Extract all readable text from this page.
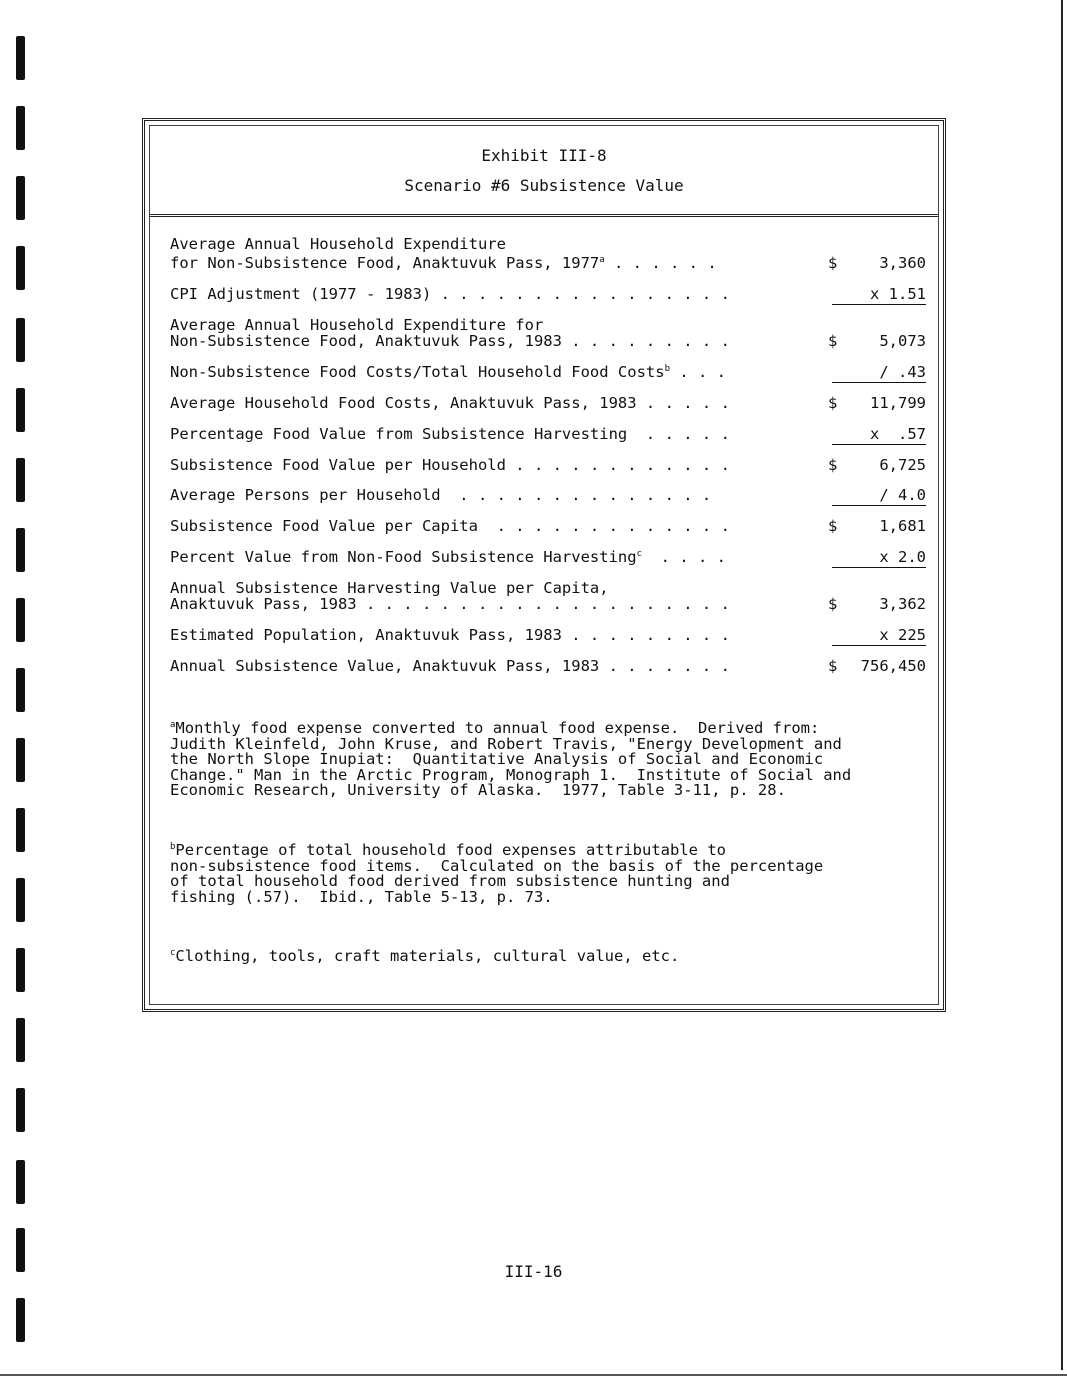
Exhibit III-8
Scenario #6 Subsistence Value
Average Annual Household Expenditure
for Non-Subsistence Food, Anaktuvuk Pass, 1977$^a$ . . . . . .	$	3,360
CPI Adjustment (1977 - 1983) . . . . . . . . . . . . . . . .	x 1.51
Average Annual Household Expenditure for
Non-Subsistence Food, Anaktuvuk Pass, 1983 . . . . . . . . .	$	5,073
Non-Subsistence Food Costs/Total Household Food Costs$^b$ . . .	/ .43
Average Household Food Costs, Anaktuvuk Pass, 1983 . . . . .	$ 11,799
Percentage Food Value from Subsistence Harvesting  . . . . .	x  .57
Subsistence Food Value per Household . . . . . . . . . . . .	$	6,725
Average Persons per Household  . . . . . . . . . . . . . .	/ 4.0
Subsistence Food Value per Capita  . . . . . . . . . . . . .	$	1,681
Percent Value from Non-Food Subsistence Harvesting$^c$  . . . .	x 2.0
Annual Subsistence Harvesting Value per Capita,
Anaktuvuk Pass, 1983 . . . . . . . . . . . . . . . . . . . .	$	3,362
Estimated Population, Anaktuvuk Pass, 1983 . . . . . . . . .	x 225
Annual Subsistence Value, Anaktuvuk Pass, 1983 . . . . . . .	$ 756,450

$^a$Monthly food expense converted to annual food expense.  Derived from:
Judith Kleinfeld, John Kruse, and Robert Travis, "Energy Development and
the North Slope Inupiat:  Quantitative Analysis of Social and Economic
Change." Man in the Arctic Program, Monograph 1.  Institute of Social and
Economic Research, University of Alaska.  1977, Table 3-11, p. 28.

$^b$Percentage of total household food expenses attributable to
non-subsistence food items.  Calculated on the basis of the percentage
of total household food derived from subsistence hunting and
fishing (.57).  Ibid., Table 5-13, p. 73.

$^c$Clothing, tools, craft materials, cultural value, etc.

III-16
